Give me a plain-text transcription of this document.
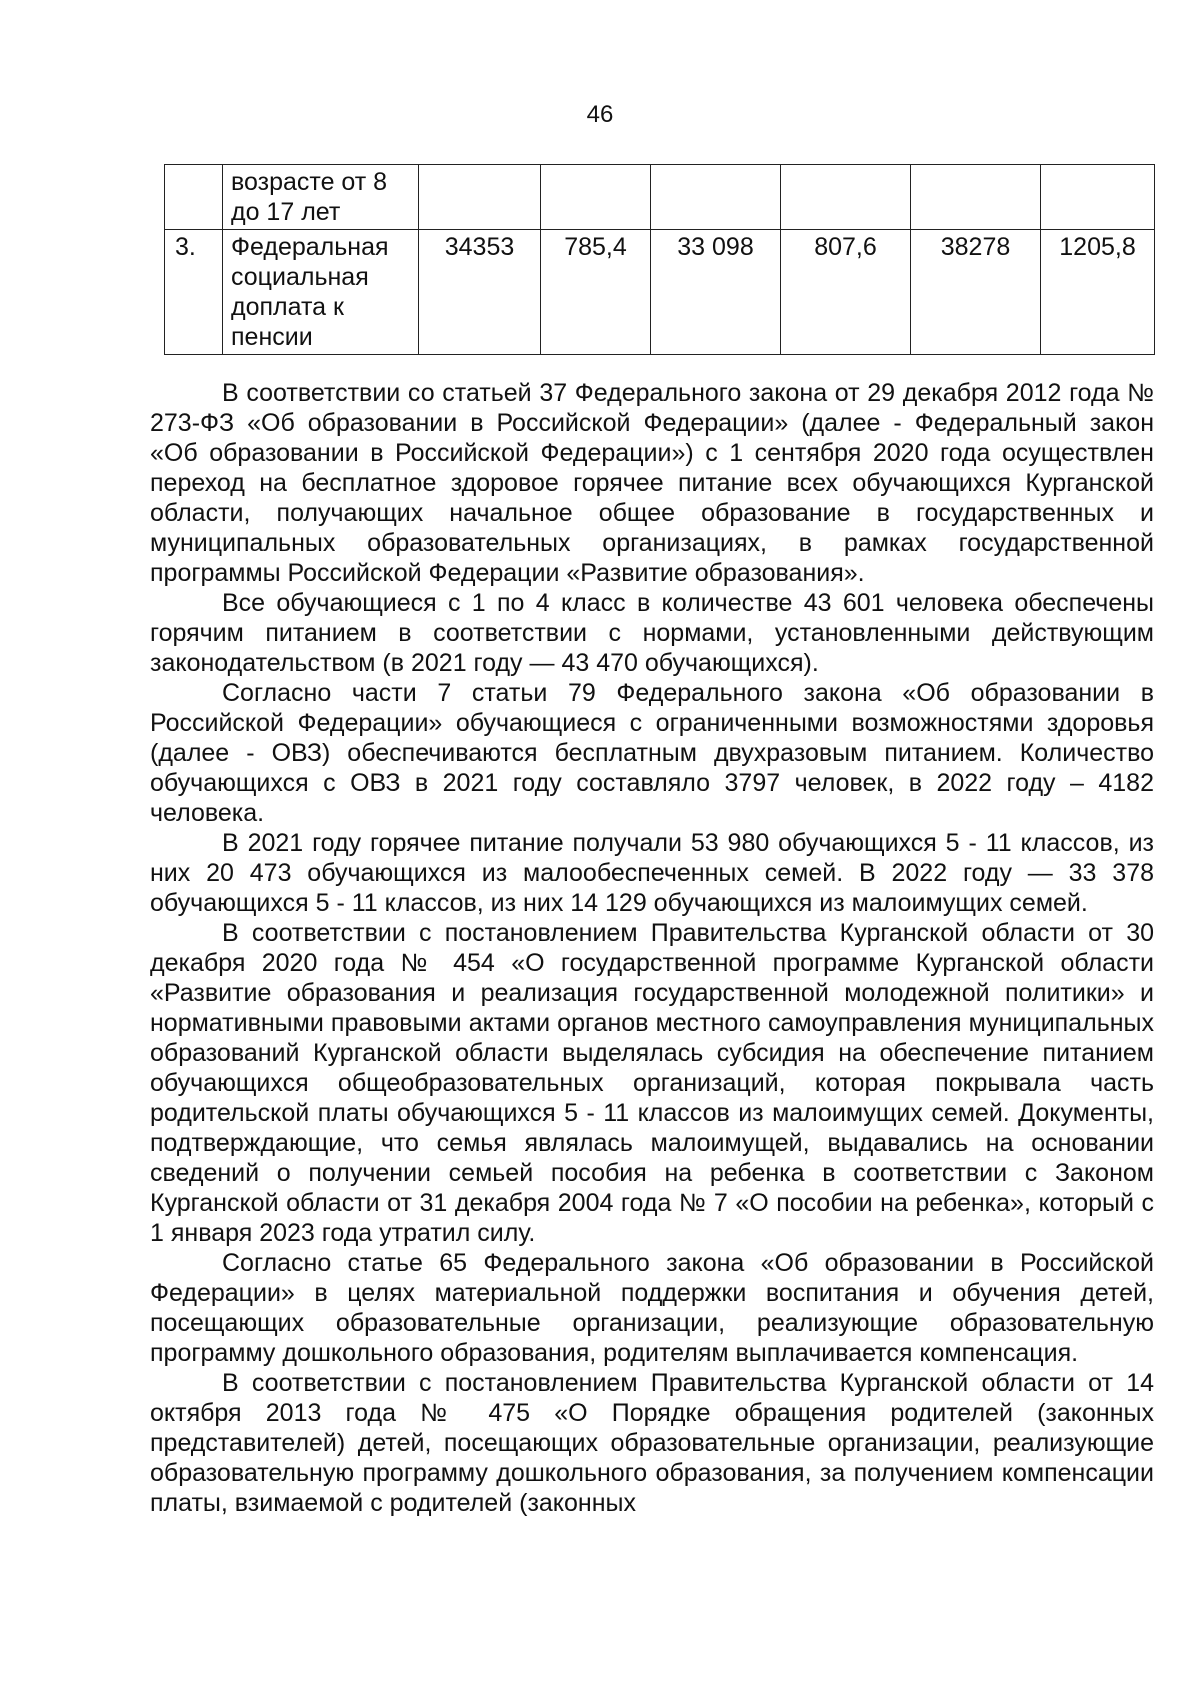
46
	возрасте от 8 до 17 лет						
3.	Федеральная социальная доплата к пенсии	34353	785,4	33 098	807,6	38278	1205,8

В соответствии со статьей 37 Федерального закона от 29 декабря 2012 года № 273-ФЗ «Об образовании в Российской Федерации» (далее - Федеральный закон «Об образовании в Российской Федерации») с 1 сентября 2020 года осуществлен переход на бесплатное здоровое горячее питание всех обучающихся Курганской области, получающих начальное общее образование в государственных и муниципальных образовательных организациях, в рамках государственной программы Российской Федерации «Развитие образования».

Все обучающиеся с 1 по 4 класс в количестве 43 601 человека обеспечены горячим питанием в соответствии с нормами, установленными действующим законодательством (в 2021 году — 43 470 обучающихся).

Согласно части 7 статьи 79 Федерального закона «Об образовании в Российской Федерации» обучающиеся с ограниченными возможностями здоровья (далее - ОВЗ) обеспечиваются бесплатным двухразовым питанием. Количество обучающихся с ОВЗ в 2021 году составляло 3797 человек, в 2022 году – 4182 человека.

В 2021 году горячее питание получали 53 980 обучающихся 5 - 11 классов, из них 20 473 обучающихся из малообеспеченных семей. В 2022 году — 33 378 обучающихся 5 - 11 классов, из них 14 129 обучающихся из малоимущих семей.

В соответствии с постановлением Правительства Курганской области от 30 декабря 2020 года № 454 «О государственной программе Курганской области «Развитие образования и реализация государственной молодежной политики» и нормативными правовыми актами органов местного самоуправления муниципальных образований Курганской области выделялась субсидия на обеспечение питанием обучающихся общеобразовательных организаций, которая покрывала часть родительской платы обучающихся 5 - 11 классов из малоимущих семей. Документы, подтверждающие, что семья являлась малоимущей, выдавались на основании сведений о получении семьей пособия на ребенка в соответствии с Законом Курганской области от 31 декабря 2004 года № 7 «О пособии на ребенка», который с 1 января 2023 года утратил силу.

Согласно статье 65 Федерального закона «Об образовании в Российской Федерации» в целях материальной поддержки воспитания и обучения детей, посещающих образовательные организации, реализующие образовательную программу дошкольного образования, родителям выплачивается компенсация.

В соответствии с постановлением Правительства Курганской области от 14 октября 2013 года № 475 «О Порядке обращения родителей (законных представителей) детей, посещающих образовательные организации, реализующие образовательную программу дошкольного образования, за получением компенсации платы, взимаемой с родителей (законных
